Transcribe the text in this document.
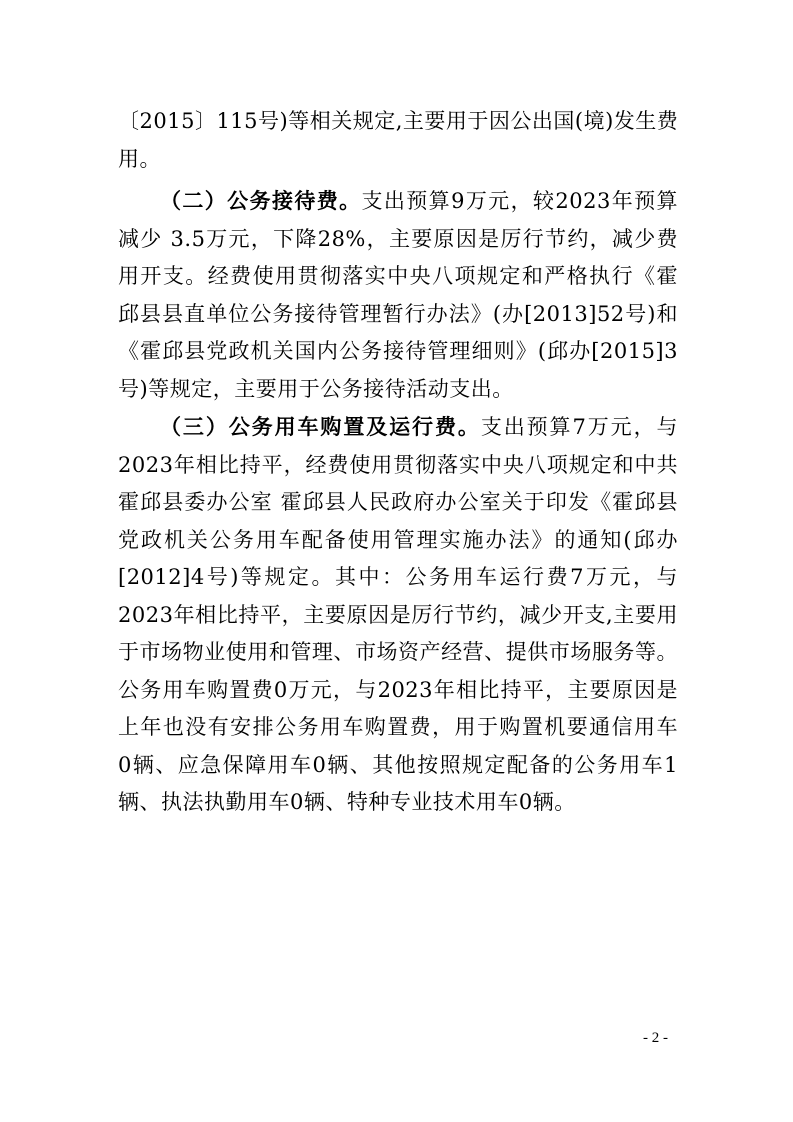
〔2015〕115号)等相关规定,主要用于因公出国(境)发生费
用。
（二）公务接待费。支出预算9万元，较2023年预算
减少 3.5万元，下降28%，主要原因是厉行节约，减少费
用开支。经费使用贯彻落实中央八项规定和严格执行《霍
邱县县直单位公务接待管理暂行办法》(办[2013]52号)和
《霍邱县党政机关国内公务接待管理细则》(邱办[2015]3
号)等规定，主要用于公务接待活动支出。
（三）公务用车购置及运行费。支出预算7万元，与
2023年相比持平，经费使用贯彻落实中央八项规定和中共
霍邱县委办公室 霍邱县人民政府办公室关于印发《霍邱县
党政机关公务用车配备使用管理实施办法》的通知(邱办
[2012]4号)等规定。其中：公务用车运行费7万元，与
2023年相比持平，主要原因是厉行节约，减少开支,主要用
于市场物业使用和管理、市场资产经营、提供市场服务等。
公务用车购置费0万元，与2023年相比持平，主要原因是
上年也没有安排公务用车购置费，用于购置机要通信用车
0辆、应急保障用车0辆、其他按照规定配备的公务用车1
辆、执法执勤用车0辆、特种专业技术用车0辆。
- 2 -
